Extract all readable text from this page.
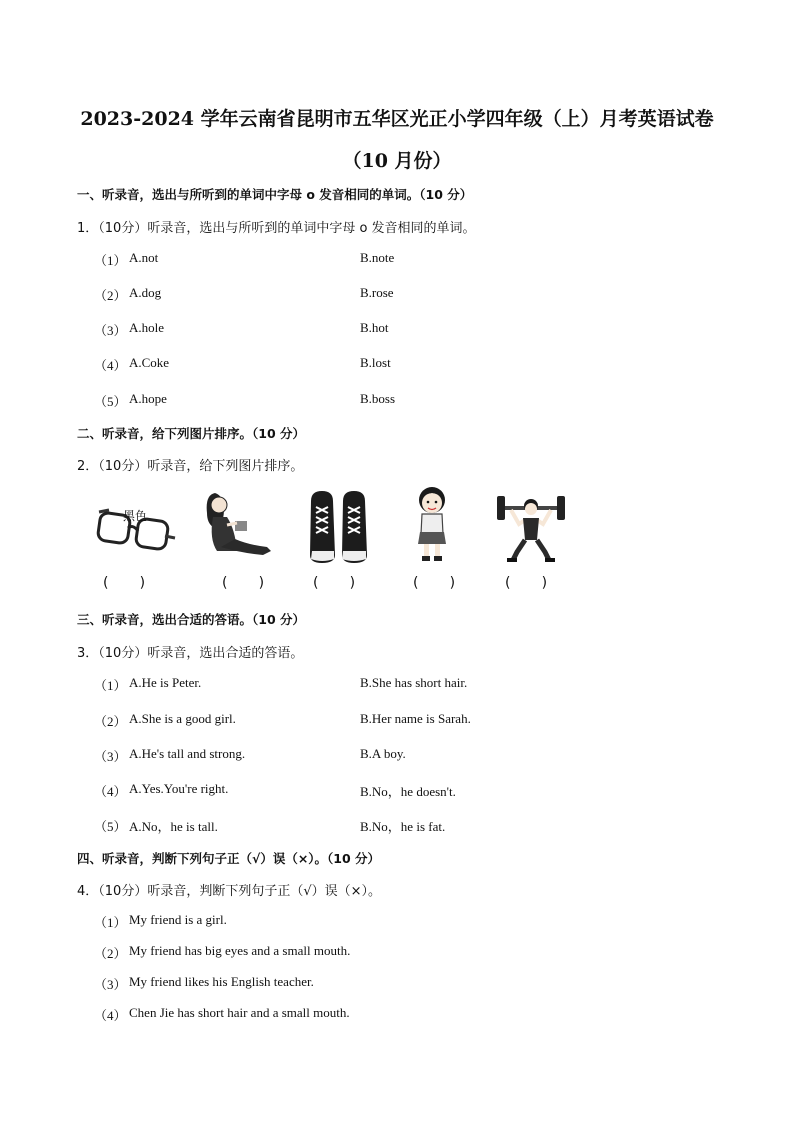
2023-2024 学年云南省昆明市五华区光正小学四年级（上）月考英语试卷
（10 月份）
一、听录音，选出与所听到的单词中字母 o 发音相同的单词。（10 分）
1．（10分）听录音，选出与所听到的单词中字母 o 发音相同的单词。
（1） A.not	B.note
（2） A.dog	B.rose
（3） A.hole	B.hot
（4） A.Coke	B.lost
（5） A.hope	B.boss
二、听录音，给下列图片排序。（10 分）
2．（10分）听录音，给下列图片排序。
黑色
(       )	(       )	(       )	(       )	(       )
三、听录音，选出合适的答语。（10 分）
3．（10分）听录音，选出合适的答语。
（1） A.He is Peter.	B.She has short hair.
（2） A.She is a good girl.	B.Her name is Sarah.
（3） A.He's tall and strong.	B.A boy.
（4） A.Yes.You're right.	B.No，he doesn't.
（5） A.No，he is tall.	B.No，he is fat.
四、听录音，判断下列句子正（√）误（×）。（10 分）
4．（10分）听录音，判断下列句子正（√）误（×）。
（1） My friend is a girl.
（2） My friend has big eyes and a small mouth.
（3） My friend likes his English teacher.
（4） Chen Jie has short hair and a small mouth.
